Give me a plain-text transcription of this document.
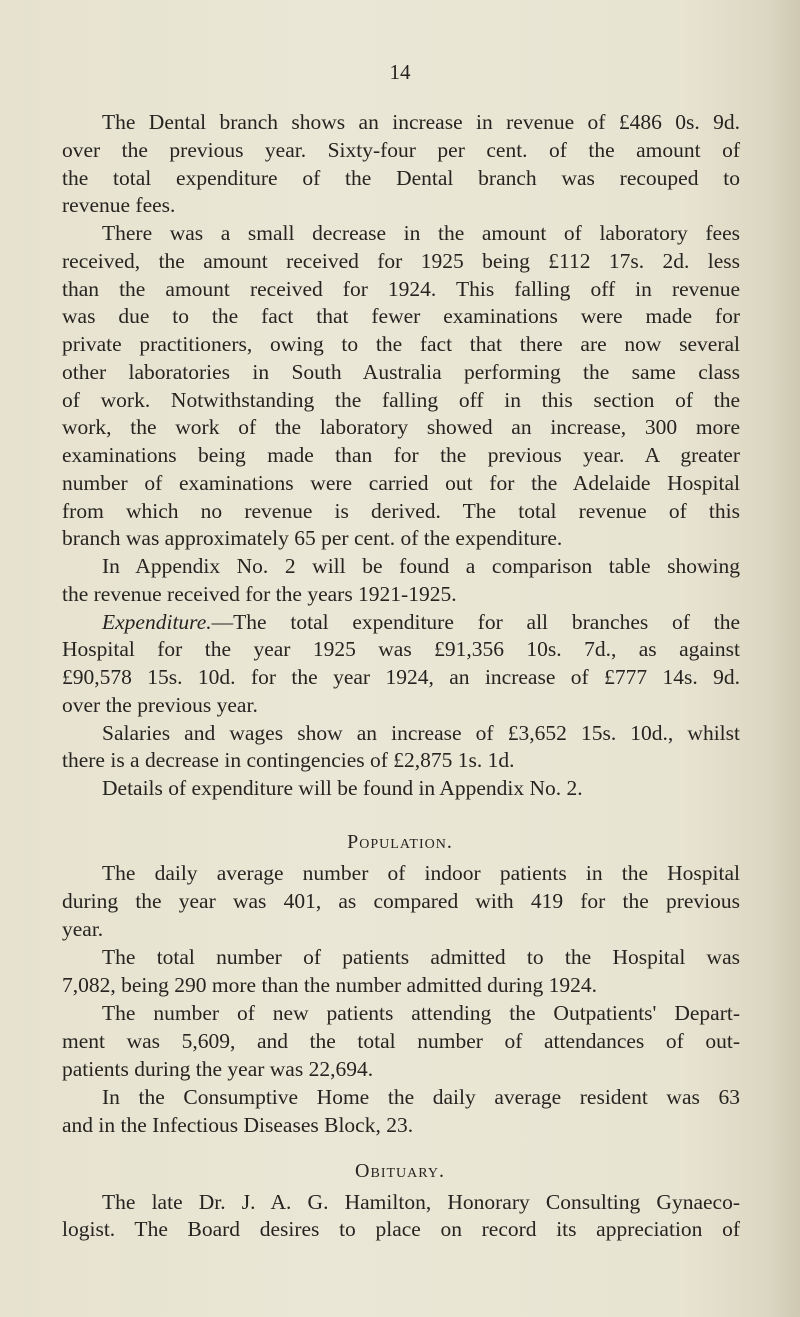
14
The Dental branch shows an increase in revenue of £486 0s. 9d.
over the previous year. Sixty-four per cent. of the amount of
the total expenditure of the Dental branch was recouped to
revenue fees.
There was a small decrease in the amount of laboratory fees
received, the amount received for 1925 being £112 17s. 2d. less
than the amount received for 1924. This falling off in revenue
was due to the fact that fewer examinations were made for
private practitioners, owing to the fact that there are now several
other laboratories in South Australia performing the same class
of work. Notwithstanding the falling off in this section of the
work, the work of the laboratory showed an increase, 300 more
examinations being made than for the previous year. A greater
number of examinations were carried out for the Adelaide Hospital
from which no revenue is derived. The total revenue of this
branch was approximately 65 per cent. of the expenditure.
In Appendix No. 2 will be found a comparison table showing
the revenue received for the years 1921-1925.
Expenditure. —The total expenditure for all branches of the
Hospital for the year 1925 was £91,356 10s. 7d., as against
£90,578 15s. 10d. for the year 1924, an increase of £777 14s. 9d.
over the previous year.
Salaries and wages show an increase of £3,652 15s. 10d., whilst
there is a decrease in contingencies of £2,875 1s. 1d.
Details of expenditure will be found in Appendix No. 2.
Population.
The daily average number of indoor patients in the Hospital
during the year was 401, as compared with 419 for the previous
year.
The total number of patients admitted to the Hospital was
7,082, being 290 more than the number admitted during 1924.
The number of new patients attending the Outpatients' Depart-
ment was 5,609, and the total number of attendances of out-
patients during the year was 22,694.
In the Consumptive Home the daily average resident was 63
and in the Infectious Diseases Block, 23.
Obituary.
The late Dr. J. A. G. Hamilton, Honorary Consulting Gynaeco-
logist. The Board desires to place on record its appreciation of
